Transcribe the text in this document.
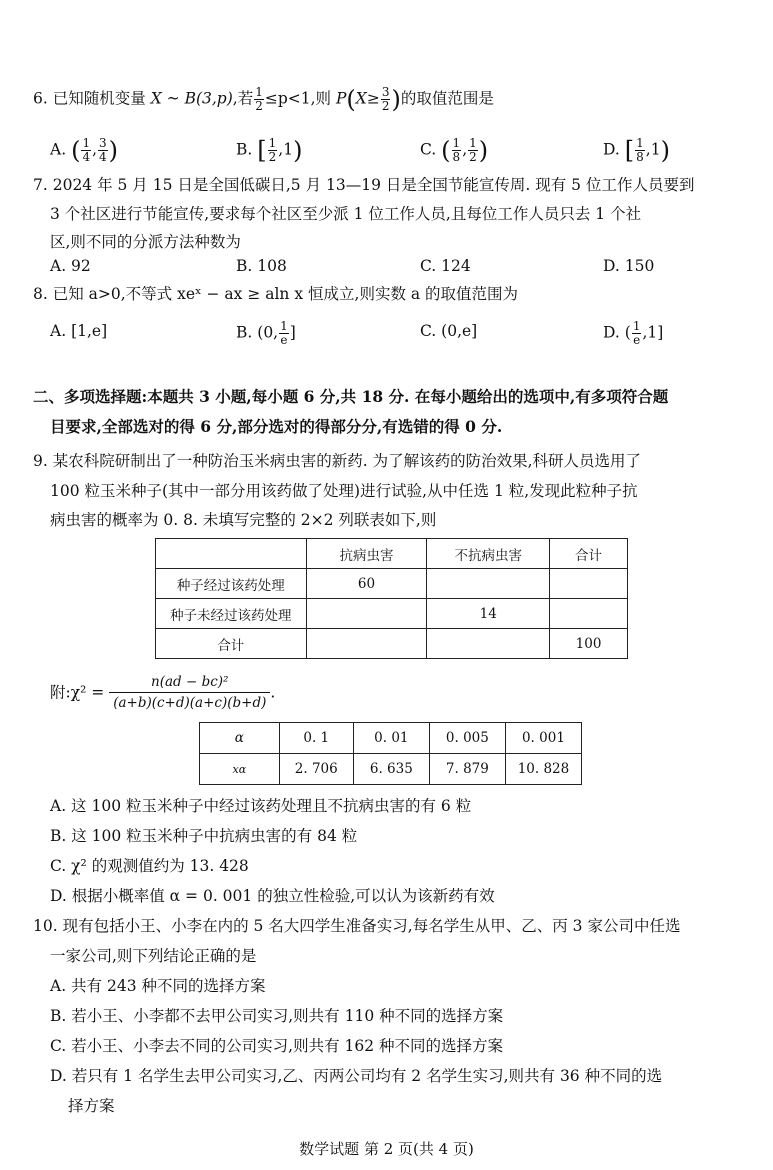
6. 已知随机变量 X ~ B(3,p),若 $\frac{1}{2} \le p<1$,则 $P(X\ge \frac{3}{2}$ )的取值范围是
A. ( $\frac{1}{4}$ , $\frac{3}{4}$ )	B. [ $\frac{1}{2} ,1$)	C. ( $\frac{1}{8}$ , $\frac{1}{2}$ )	D. [ $\frac{1}{8} ,1$)
7. 2024 年 5 月 15 日是全国低碳日,5 月 13—19 日是全国节能宣传周. 现有 5 位工作人员要到
3 个社区进行节能宣传,要求每个社区至少派 1 位工作人员,且每位工作人员只去 1 个社
区,则不同的分派方法种数为
A. 92	B. 108	C. 124	D. 150
8. 已知 a>0,不等式 xeˣ − ax ≥ aln x 恒成立,则实数 a 的取值范围为
A. [1,e]	B. (0, $\frac{1}{e}$ ]	C. (0,e]	D. ( $\frac{1}{e} ,1$]
二、多项选择题:本题共 3 小题,每小题 6 分,共 18 分. 在每小题给出的选项中,有多项符合题
目要求,全部选对的得 6 分,部分选对的得部分分,有选错的得 0 分.
9. 某农科院研制出了一种防治玉米病虫害的新药. 为了解该药的防治效果,科研人员选用了
100 粒玉米种子(其中一部分用该药做了处理)进行试验,从中任选 1 粒,发现此粒种子抗
病虫害的概率为 0. 8. 未填写完整的 2×2 列联表如下,则
	抗病虫害	不抗病虫害	合计
种子经过该药处理	60		
种子未经过该药处理		14	
合计			100
附:χ² = $\frac{\text{n(ad − bc)²}}{(a+b)(c+d)(a+c)(b+d)}$ .
α	0. 1	0. 01	0. 005	0. 001
xα	2. 706	6. 635	7. 879	10. 828
A. 这 100 粒玉米种子中经过该药处理且不抗病虫害的有 6 粒
B. 这 100 粒玉米种子中抗病虫害的有 84 粒
C. χ² 的观测值约为 13. 428
D. 根据小概率值 α = 0. 001 的独立性检验,可以认为该新药有效
10. 现有包括小王、小李在内的 5 名大四学生准备实习,每名学生从甲、乙、丙 3 家公司中任选
一家公司,则下列结论正确的是
A. 共有 243 种不同的选择方案
B. 若小王、小李都不去甲公司实习,则共有 110 种不同的选择方案
C. 若小王、小李去不同的公司实习,则共有 162 种不同的选择方案
D. 若只有 1 名学生去甲公司实习,乙、丙两公司均有 2 名学生实习,则共有 36 种不同的选
择方案
数学试题 第 2 页(共 4 页)
